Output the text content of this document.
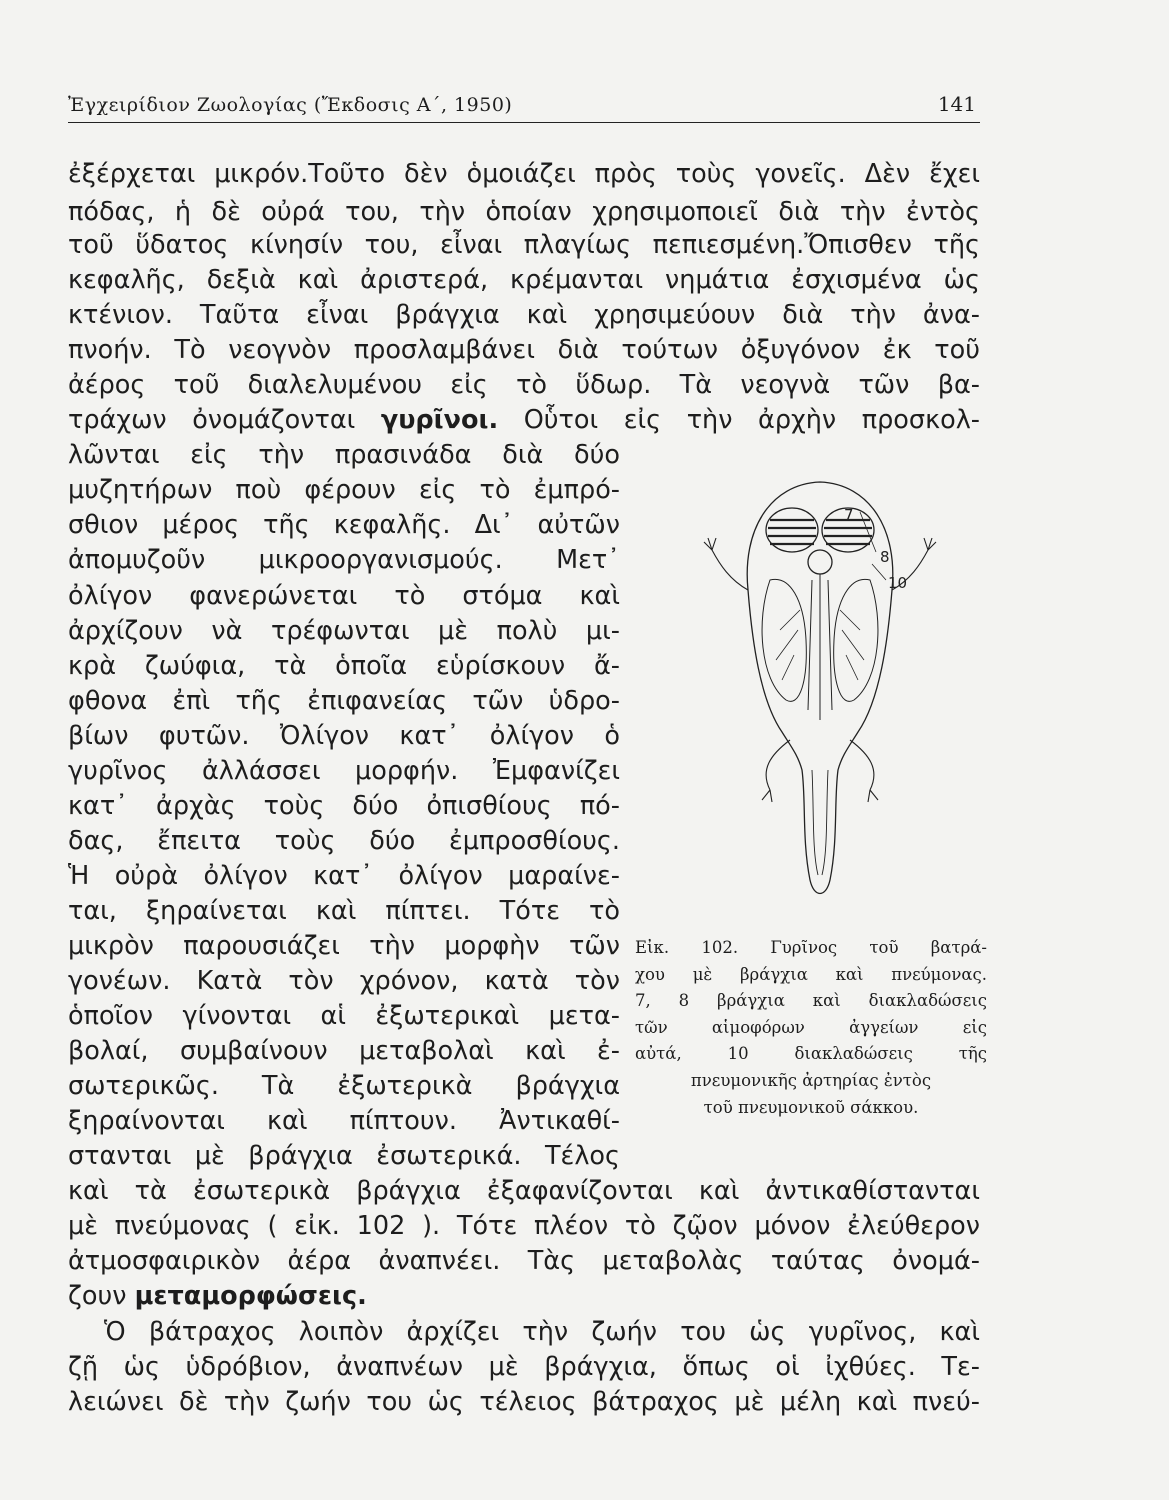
Ἐγχειρίδιον Ζωολογίας (Ἔκδοσις Α΄, 1950)	141
ἐξέρχεται μικρόν.Τοῦτο δὲν ὁμοιάζει πρὸς τοὺς γονεῖς. Δὲν ἔχει
πόδας, ἡ δὲ οὐρά του, τὴν ὁποίαν χρησιμοποιεῖ διὰ τὴν ἐντὸς
τοῦ ὕδατος κίνησίν του, εἶναι πλαγίως πεπιεσμένη.Ὄπισθεν τῆς
κεφαλῆς, δεξιὰ καὶ ἀριστερά, κρέμανται νημάτια ἐσχισμένα ὡς
κτένιον. Ταῦτα εἶναι βράγχια καὶ χρησιμεύουν διὰ τὴν ἀνα-
πνοήν. Τὸ νεογνὸν προσλαμβάνει διὰ τούτων ὀξυγόνον ἐκ τοῦ
ἀέρος τοῦ διαλελυμένου εἰς τὸ ὕδωρ. Τὰ νεογνὰ τῶν βα-
τράχων ὀνομάζονται γυρῖνοι. Οὗτοι εἰς τὴν ἀρχὴν προσκολ-
λῶνται εἰς τὴν πρασινάδα διὰ δύο
μυζητήρων ποὺ φέρουν εἰς τὸ ἐμπρό-
σθιον μέρος τῆς κεφαλῆς. Δι᾿ αὐτῶν
ἀπομυζοῦν μικροοργανισμούς. Μετ᾿
ὀλίγον φανερώνεται τὸ στόμα καὶ
ἀρχίζουν νὰ τρέφωνται μὲ πολὺ μι-
κρὰ ζωύφια, τὰ ὁποῖα εὑρίσκουν ἄ-
φθονα ἐπὶ τῆς ἐπιφανείας τῶν ὑδρο-
βίων φυτῶν. Ὀλίγον κατ᾿ ὀλίγον ὁ
γυρῖνος ἀλλάσσει μορφήν. Ἐμφανίζει
κατ᾿ ἀρχὰς τοὺς δύο ὀπισθίους πό-
δας, ἔπειτα τοὺς δύο ἐμπροσθίους.
Ἡ οὐρὰ ὀλίγον κατ᾿ ὀλίγον μαραίνε-
ται, ξηραίνεται καὶ πίπτει. Τότε τὸ
μικρὸν παρουσιάζει τὴν μορφὴν τῶν
γονέων. Κατὰ τὸν χρόνον, κατὰ τὸν
ὁποῖον γίνονται αἱ ἐξωτερικαὶ μετα-
βολαί, συμβαίνουν μεταβολαὶ καὶ ἐ-
σωτερικῶς. Τὰ ἐξωτερικὰ βράγχια
ξηραίνονται καὶ πίπτουν. Ἀντικαθί-
στανται μὲ βράγχια ἐσωτερικά. Τέλος
καὶ τὰ ἐσωτερικὰ βράγχια ἐξαφανίζονται καὶ ἀντικαθίστανται
μὲ πνεύμονας ( εἰκ. 102 ). Τότε πλέον τὸ ζῷον μόνον ἐλεύθερον
ἀτμοσφαιρικὸν ἀέρα ἀναπνέει. Τὰς μεταβολὰς ταύτας ὀνομά-
ζουν μεταμορφώσεις.
Ὁ βάτραχος λοιπὸν ἀρχίζει τὴν ζωήν του ὡς γυρῖνος, καὶ
ζῇ ὡς ὑδρόβιον, ἀναπνέων μὲ βράγχια, ὅπως οἱ ἰχθύες. Τε-
λειώνει δὲ τὴν ζωήν του ὡς τέλειος βάτραχος μὲ μέλη καὶ πνεύ-
7
8
10
Εἰκ. 102. Γυρῖνος τοῦ βατρά-
χου μὲ βράγχια καὶ πνεύμονας.
7, 8 βράγχια καὶ διακλαδώσεις
τῶν αἱμοφόρων ἀγγείων εἰς
αὐτά, 10 διακλαδώσεις τῆς
πνευμονικῆς ἀρτηρίας ἐντὸς
τοῦ πνευμονικοῦ σάκκου.
